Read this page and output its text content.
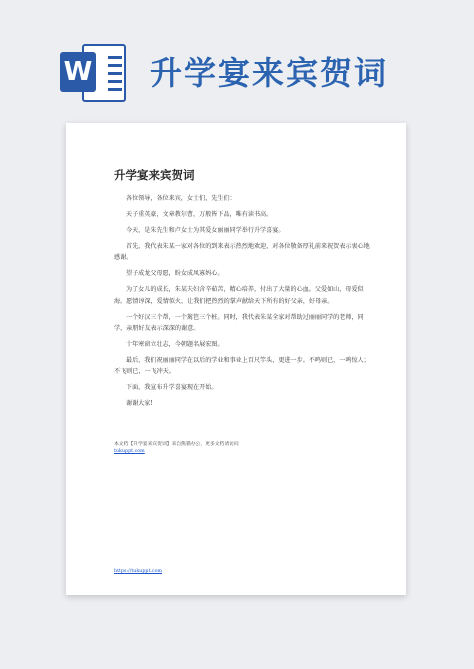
W 升学宴来宾贺词
升学宴来宾贺词

各位领导，各位来宾，女士们，先生们：

天子重英豪，文章教尔曹，万般皆下品，唯有读书高。

今天，是朱先生和卢女士为其爱女丽丽同学举行升学喜宴。

首先，我代表朱某一家对各位的到来表示热烈地欢迎，对各位敬备厚礼前来祝贺表示衷心地感谢。

望子成龙父母愿，盼女成凤寡妈心。

为了女儿的成长，朱某夫妇含辛茹苦，精心培养，付出了大量的心血。父爱如山，母爱似海。愿情谆深，爱情似火，让我们把热烈的掌声献给天下所有的好父亲，好母亲。

一个好汉三个帮，一个篱笆三个桩。同时，我代表朱某全家对帮助过丽丽同学的老师，同学，亲朋好友表示深深的谢意。

十年寒窗立壮志，今朝题名展宏图。

最后，我们祝丽丽同学在以后的学业和事业上百尺竿头，更进一步。不鸣则已，一鸣惊人；不飞则已，一飞冲天。

下面，我宣布升学喜宴现在开始。

谢谢大家!

本文档【升学宴来宾贺词】来自熊猫办公，更多文档请访问
tukuppt.com
https://tukuppt.com
